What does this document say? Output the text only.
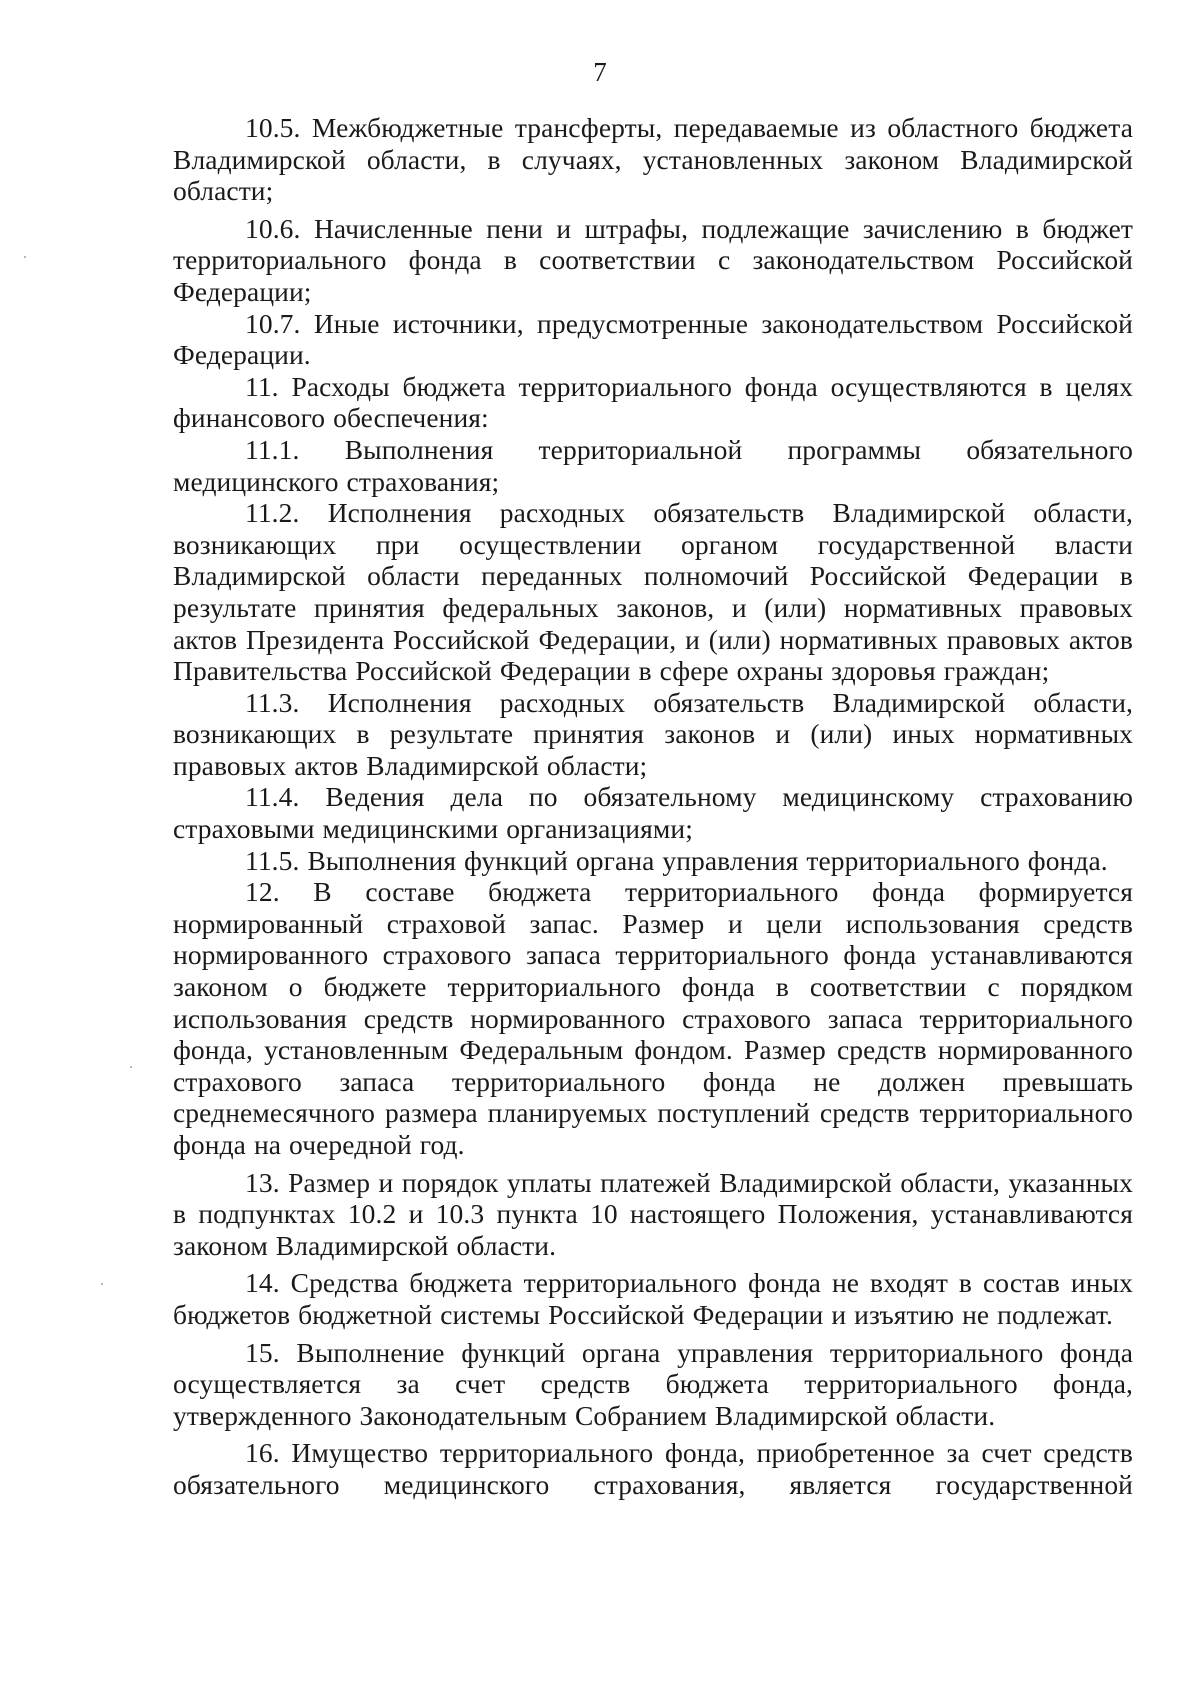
7

10.5. Межбюджетные трансферты, передаваемые из областного бюджета Владимирской области, в случаях, установленных законом Владимирской области;

10.6. Начисленные пени и штрафы, подлежащие зачислению в бюджет территориального фонда в соответствии с законодательством Российской Федерации;

10.7. Иные источники, предусмотренные законодательством Российской Федерации.

11. Расходы бюджета территориального фонда осуществляются в целях финансового обеспечения:

11.1. Выполнения территориальной программы обязательного медицинского страхования;

11.2. Исполнения расходных обязательств Владимирской области, возникающих при осуществлении органом государственной власти Владимирской области переданных полномочий Российской Федерации в результате принятия федеральных законов, и (или) нормативных правовых актов Президента Российской Федерации, и (или) нормативных правовых актов Правительства Российской Федерации в сфере охраны здоровья граждан;

11.3. Исполнения расходных обязательств Владимирской области, возникающих в результате принятия законов и (или) иных нормативных правовых актов Владимирской области;

11.4. Ведения дела по обязательному медицинскому страхованию страховыми медицинскими организациями;

11.5. Выполнения функций органа управления территориального фонда.

12. В составе бюджета территориального фонда формируется нормированный страховой запас. Размер и цели использования средств нормированного страхового запаса территориального фонда устанавливаются законом о бюджете территориального фонда в соответствии с порядком использования средств нормированного страхового запаса территориального фонда, установленным Федеральным фондом. Размер средств нормированного страхового запаса территориального фонда не должен превышать среднемесячного размера планируемых поступлений средств территориального фонда на очередной год.

13. Размер и порядок уплаты платежей Владимирской области, указанных в подпунктах 10.2 и 10.3 пункта 10 настоящего Положения, устанавливаются законом Владимирской области.

14. Средства бюджета территориального фонда не входят в состав иных бюджетов бюджетной системы Российской Федерации и изъятию не подлежат.

15. Выполнение функций органа управления территориального фонда осуществляется за счет средств бюджета территориального фонда, утвержденного Законодательным Собранием Владимирской области.

16. Имущество территориального фонда, приобретенное за счет средств обязательного медицинского страхования, является государственной
